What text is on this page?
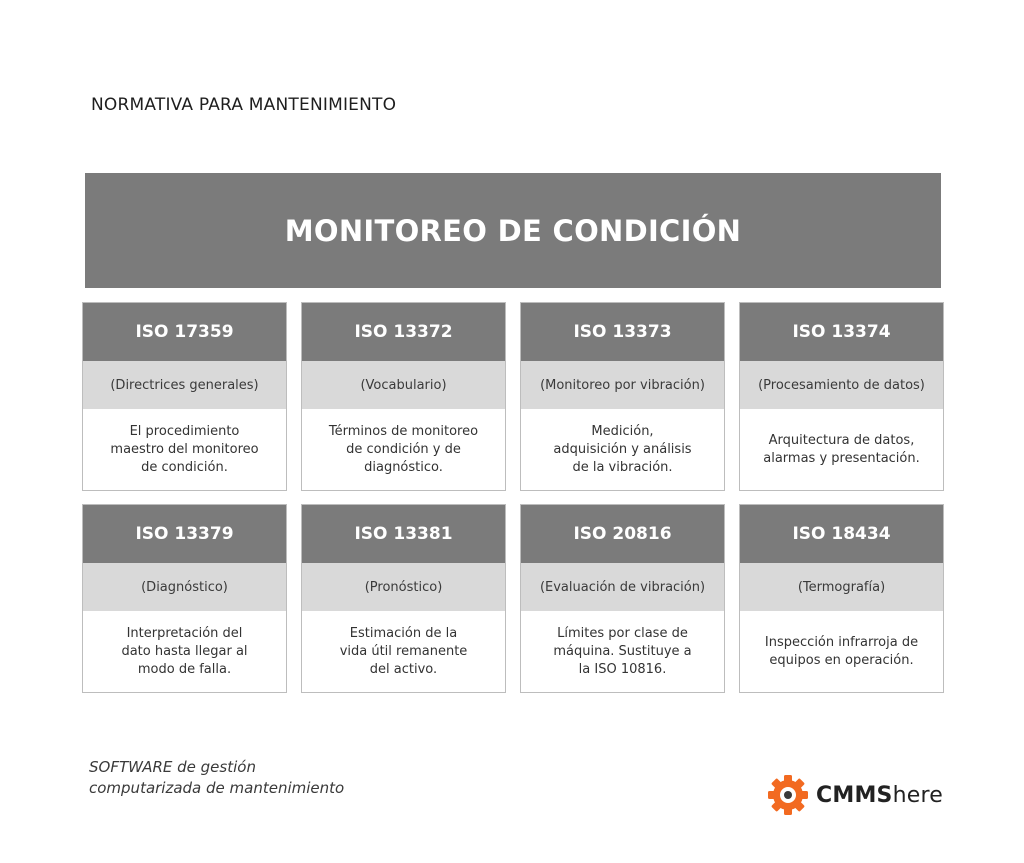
NORMATIVA PARA MANTENIMIENTO
MONITOREO DE CONDICIÓN
ISO 17359
(Directrices generales)
El procedimiento
maestro del monitoreo
de condición.
ISO 13372
(Vocabulario)
Términos de monitoreo
de condición y de
diagnóstico.
ISO 13373
(Monitoreo por vibración)
Medición,
adquisición y análisis
de la vibración.
ISO 13374
(Procesamiento de datos)
Arquitectura de datos,
alarmas y presentación.
ISO 13379
(Diagnóstico)
Interpretación del
dato hasta llegar al
modo de falla.
ISO 13381
(Pronóstico)
Estimación de la
vida útil remanente
del activo.
ISO 20816
(Evaluación de vibración)
Límites por clase de
máquina. Sustituye a
la ISO 10816.
ISO 18434
(Termografía)
Inspección infrarroja de
equipos en operación.
SOFTWARE de gestión
computarizada de mantenimiento	CMMShere
